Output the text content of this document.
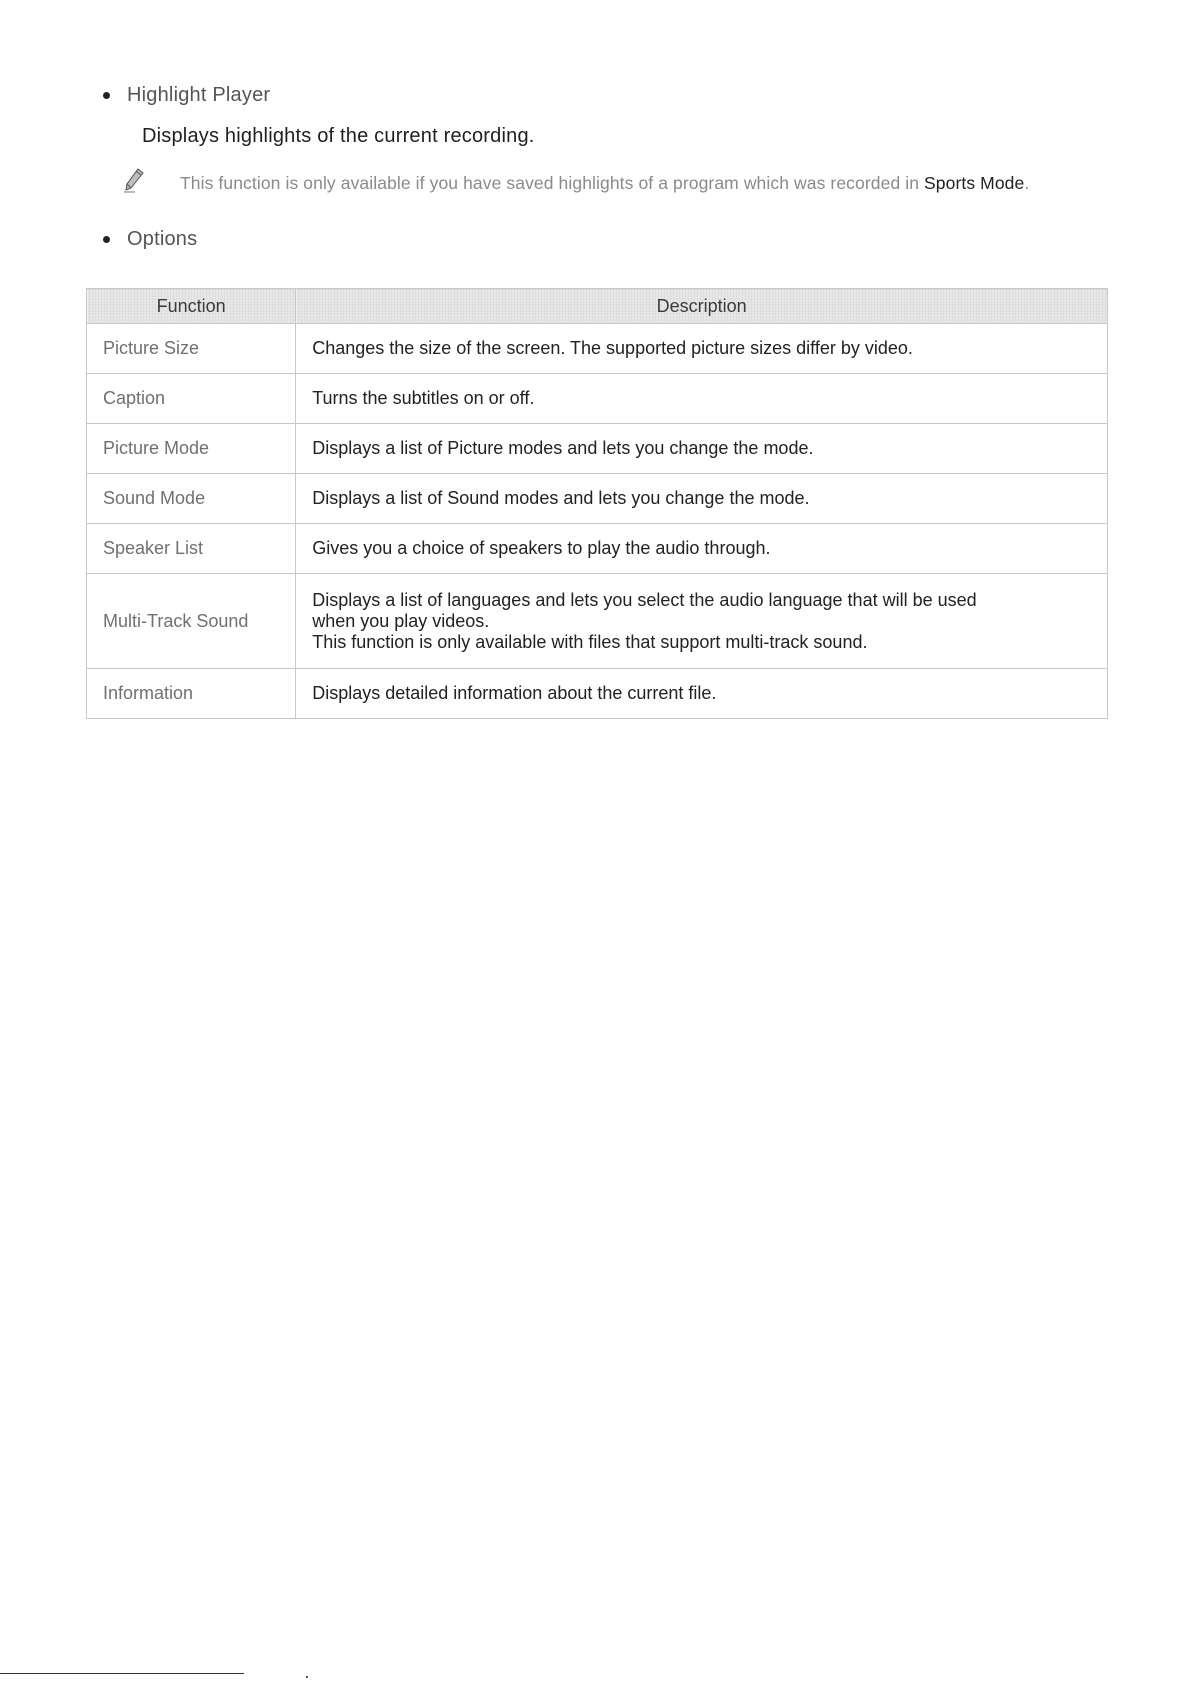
Highlight Player
Displays highlights of the current recording.
This function is only available if you have saved highlights of a program which was recorded in Sports Mode.
Options
Function	Description
Picture Size	Changes the size of the screen. The supported picture sizes differ by video.
Caption	Turns the subtitles on or off.
Picture Mode	Displays a list of Picture modes and lets you change the mode.
Sound Mode	Displays a list of Sound modes and lets you change the mode.
Speaker List	Gives you a choice of speakers to play the audio through.
Multi-Track Sound	Displays a list of languages and lets you select the audio language that will be used
when you play videos.
This function is only available with files that support multi-track sound.

Information	Displays detailed information about the current file.
